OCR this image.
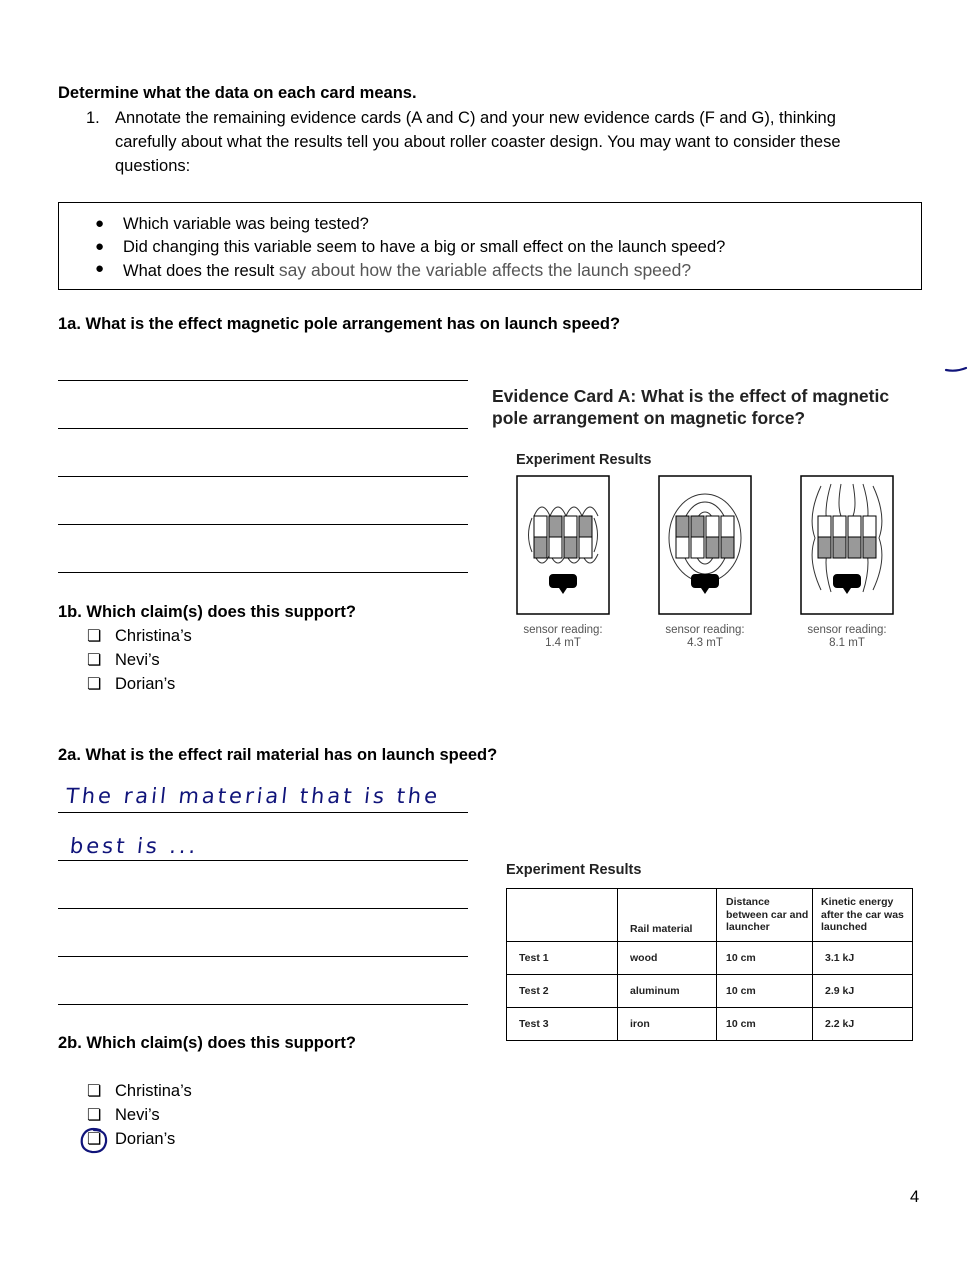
Determine what the data on each card means.
1. Annotate the remaining evidence cards (A and C) and your new evidence cards (F and G), thinking
carefully about what the results tell you about roller coaster design. You may want to consider these
questions:
● Which variable was being tested?
● Did changing this variable seem to have a big or small effect on the launch speed?
● What does the result say about how the variable affects the launch speed?
1a. What is the effect magnetic pole arrangement has on launch speed?
1b. Which claim(s) does this support?
❏ Christina’s
❏ Nevi’s
❏ Dorian’s
Evidence Card A: What is the effect of magnetic
pole arrangement on magnetic force?
Experiment Results
sensor reading:
1.4 mT
sensor reading:
4.3 mT
sensor reading:
8.1 mT
2a. What is the effect rail material has on launch speed?
The rail material that is the
best is ...
Experiment Results
	Rail material	Distance between car and launcher	Kinetic energy after the car was launched
Test 1	wood	10 cm	3.1 kJ
Test 2	aluminum	10 cm	2.9 kJ
Test 3	iron	10 cm	2.2 kJ
2b. Which claim(s) does this support?
❏ Christina’s
❏ Nevi’s
❏ Dorian’s
4
